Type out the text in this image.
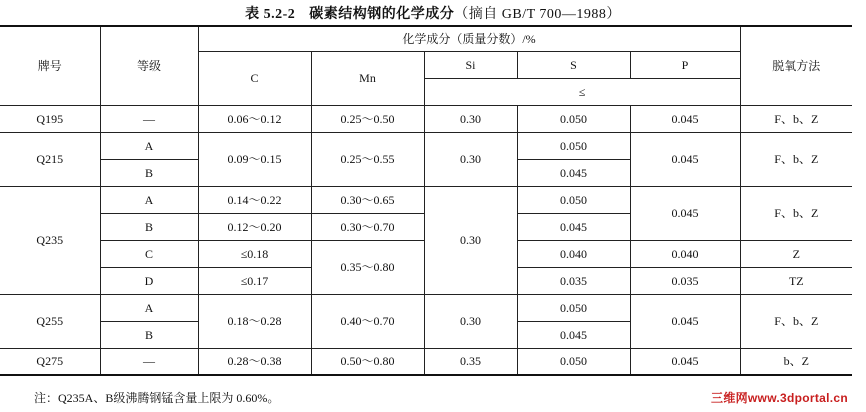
表 5.2-2 碳素结构钢的化学成分（摘自 GB/T 700—1988）
牌号	等级	化学成分（质量分数）/%					脱氧方法
		C	Mn	Si	S	P	
				≤			
Q195	—	0.06～0.12	0.25～0.50	0.30	0.050	0.045	F、b、Z
Q215	A	0.09～0.15	0.25～0.55	0.30	0.050	0.045	F、b、Z
	B				0.045		
Q235	A	0.14～0.22	0.30～0.65	0.30	0.050	0.045	F、b、Z
	B	0.12～0.20	0.30～0.70		0.045		
	C	≤0.18	0.35～0.80		0.040	0.040	Z
	D	≤0.17			0.035	0.035	TZ
Q255	A	0.18～0.28	0.40～0.70	0.30	0.050	0.045	F、b、Z
	B				0.045		
Q275	—	0.28～0.38	0.50～0.80	0.35	0.050	0.045	b、Z
注：Q235A、B级沸腾钢锰含量上限为 0.60%。	三维网www.3dportal.cn
